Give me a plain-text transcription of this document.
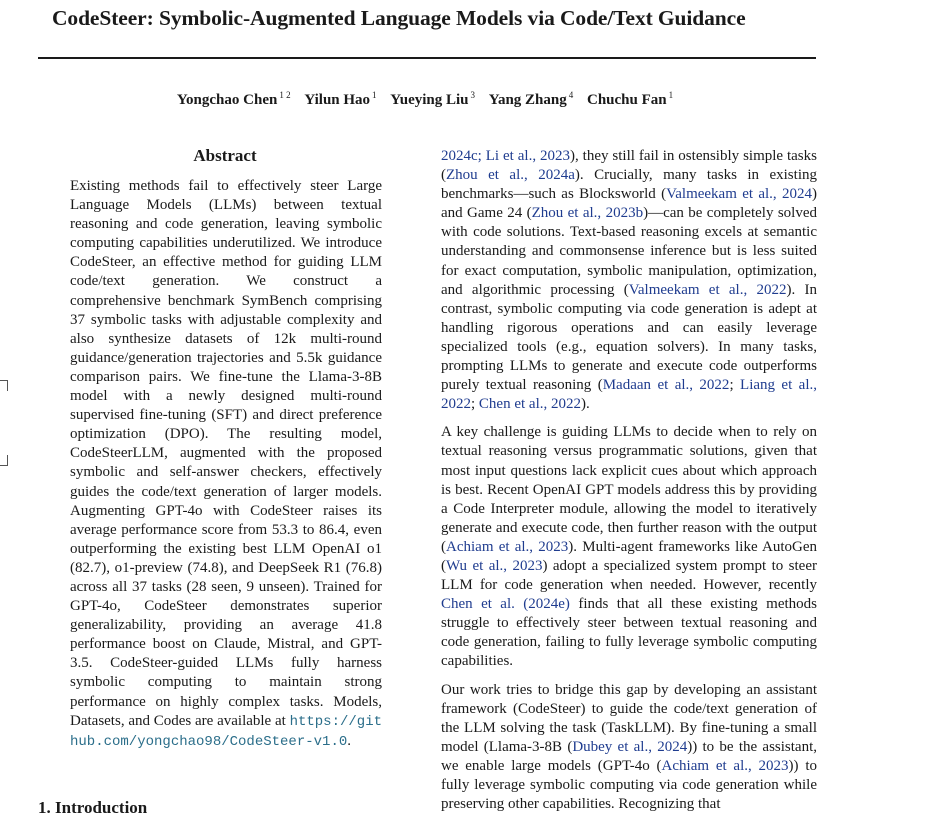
CodeSteer: Symbolic-Augmented Language Models via Code/Text Guidance
Yongchao Chen $^{1 2}$ Yilun Hao $^1$ Yueying Liu $^3$ Yang Zhang $^4$ Chuchu Fan $^1$
Abstract
Existing methods fail to effectively steer Large Language Models (LLMs) between textual reasoning and code generation, leaving symbolic computing capabilities underutilized. We introduce CodeSteer, an effective method for guiding LLM code/text generation. We construct a comprehensive benchmark SymBench comprising 37 symbolic tasks with adjustable complexity and also synthesize datasets of 12k multi-round guidance/generation trajectories and 5.5k guidance comparison pairs. We fine-tune the Llama-3-8B model with a newly designed multi-round supervised fine-tuning (SFT) and direct preference optimization (DPO). The resulting model, CodeSteerLLM, augmented with the proposed symbolic and self-answer checkers, effectively guides the code/text generation of larger models. Augmenting GPT-4o with CodeSteer raises its average performance score from 53.3 to 86.4, even outperforming the existing best LLM OpenAI o1 (82.7), o1-preview (74.8), and DeepSeek R1 (76.8) across all 37 tasks (28 seen, 9 unseen). Trained for GPT-4o, CodeSteer demonstrates superior generalizability, providing an average 41.8 performance boost on Claude, Mistral, and GPT-3.5. CodeSteer-guided LLMs fully harness symbolic computing to maintain strong performance on highly complex tasks. Models, Datasets, and Codes are available at https://github.com/yongchao98/CodeSteer-v1.0.

2024c; Li et al., 2023), they still fail in ostensibly simple tasks (Zhou et al., 2024a). Crucially, many tasks in existing benchmarks—such as Blocksworld (Valmeekam et al., 2024) and Game 24 (Zhou et al., 2023b)—can be completely solved with code solutions. Text-based reasoning excels at semantic understanding and commonsense inference but is less suited for exact computation, symbolic manipulation, optimization, and algorithmic processing (Valmeekam et al., 2022). In contrast, symbolic computing via code generation is adept at handling rigorous operations and can easily leverage specialized tools (e.g., equation solvers). In many tasks, prompting LLMs to generate and execute code outperforms purely textual reasoning (Madaan et al., 2022; Liang et al., 2022; Chen et al., 2022).

A key challenge is guiding LLMs to decide when to rely on textual reasoning versus programmatic solutions, given that most input questions lack explicit cues about which approach is best. Recent OpenAI GPT models address this by providing a Code Interpreter module, allowing the model to iteratively generate and execute code, then further reason with the output (Achiam et al., 2023). Multi-agent frameworks like AutoGen (Wu et al., 2023) adopt a specialized system prompt to steer LLM for code generation when needed. However, recently Chen et al. (2024e) finds that all these existing methods struggle to effectively steer between textual reasoning and code generation, failing to fully leverage symbolic computing capabilities.

Our work tries to bridge this gap by developing an assistant framework (CodeSteer) to guide the code/text generation of the LLM solving the task (TaskLLM). By fine-tuning a small model (Llama-3-8B (Dubey et al., 2024)) to be the assistant, we enable large models (GPT-4o (Achiam et al., 2023)) to fully leverage symbolic computing via code generation while preserving other capabilities. Recognizing that

1. Introduction
